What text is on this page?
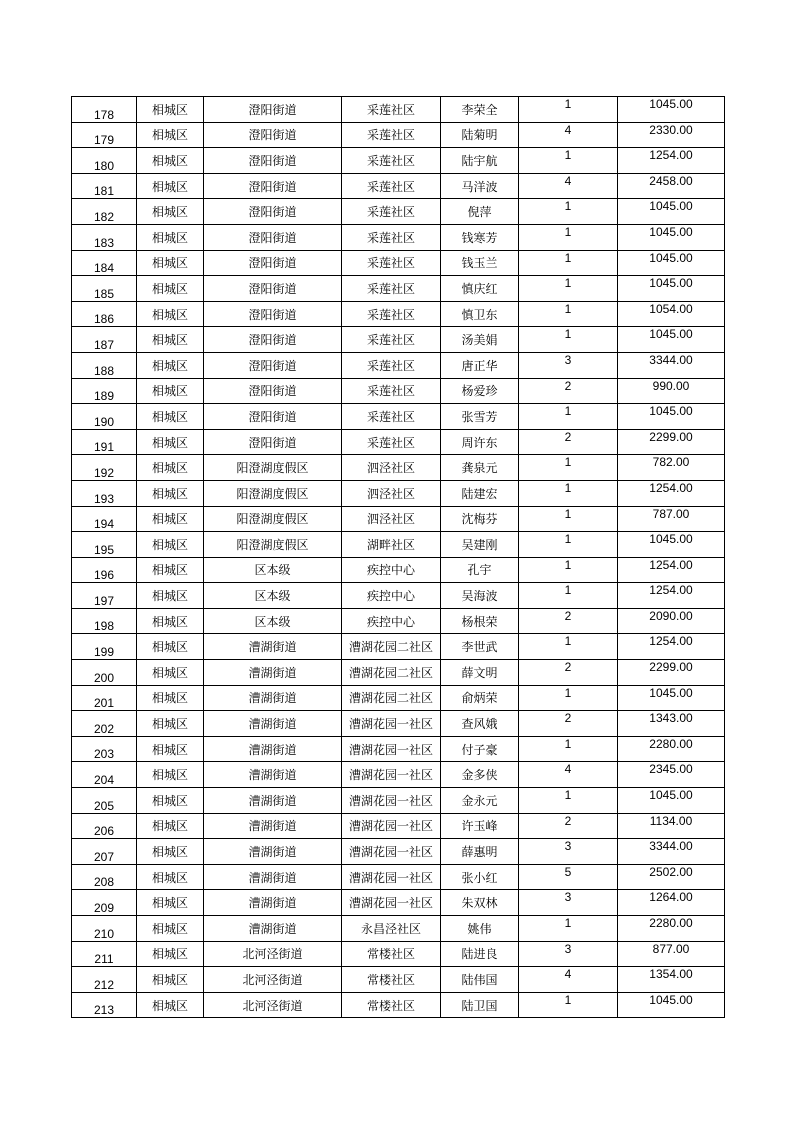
178	相城区	澄阳街道	采莲社区	李荣全	1	1045.00
179	相城区	澄阳街道	采莲社区	陆菊明	4	2330.00
180	相城区	澄阳街道	采莲社区	陆宇航	1	1254.00
181	相城区	澄阳街道	采莲社区	马洋波	4	2458.00
182	相城区	澄阳街道	采莲社区	倪萍	1	1045.00
183	相城区	澄阳街道	采莲社区	钱寒芳	1	1045.00
184	相城区	澄阳街道	采莲社区	钱玉兰	1	1045.00
185	相城区	澄阳街道	采莲社区	慎庆红	1	1045.00
186	相城区	澄阳街道	采莲社区	慎卫东	1	1054.00
187	相城区	澄阳街道	采莲社区	汤美娟	1	1045.00
188	相城区	澄阳街道	采莲社区	唐正华	3	3344.00
189	相城区	澄阳街道	采莲社区	杨爱珍	2	990.00
190	相城区	澄阳街道	采莲社区	张雪芳	1	1045.00
191	相城区	澄阳街道	采莲社区	周许东	2	2299.00
192	相城区	阳澄湖度假区	泗泾社区	龚泉元	1	782.00
193	相城区	阳澄湖度假区	泗泾社区	陆建宏	1	1254.00
194	相城区	阳澄湖度假区	泗泾社区	沈梅芬	1	787.00
195	相城区	阳澄湖度假区	湖畔社区	吴建刚	1	1045.00
196	相城区	区本级	疾控中心	孔宇	1	1254.00
197	相城区	区本级	疾控中心	吴海波	1	1254.00
198	相城区	区本级	疾控中心	杨根荣	2	2090.00
199	相城区	漕湖街道	漕湖花园二社区	李世武	1	1254.00
200	相城区	漕湖街道	漕湖花园二社区	薛文明	2	2299.00
201	相城区	漕湖街道	漕湖花园二社区	俞炳荣	1	1045.00
202	相城区	漕湖街道	漕湖花园一社区	查风娥	2	1343.00
203	相城区	漕湖街道	漕湖花园一社区	付子豪	1	2280.00
204	相城区	漕湖街道	漕湖花园一社区	金多侠	4	2345.00
205	相城区	漕湖街道	漕湖花园一社区	金永元	1	1045.00
206	相城区	漕湖街道	漕湖花园一社区	许玉峰	2	1134.00
207	相城区	漕湖街道	漕湖花园一社区	薛惠明	3	3344.00
208	相城区	漕湖街道	漕湖花园一社区	张小红	5	2502.00
209	相城区	漕湖街道	漕湖花园一社区	朱双林	3	1264.00
210	相城区	漕湖街道	永昌泾社区	姚伟	1	2280.00
211	相城区	北河泾街道	常楼社区	陆进良	3	877.00
212	相城区	北河泾街道	常楼社区	陆伟国	4	1354.00
213	相城区	北河泾街道	常楼社区	陆卫国	1	1045.00
